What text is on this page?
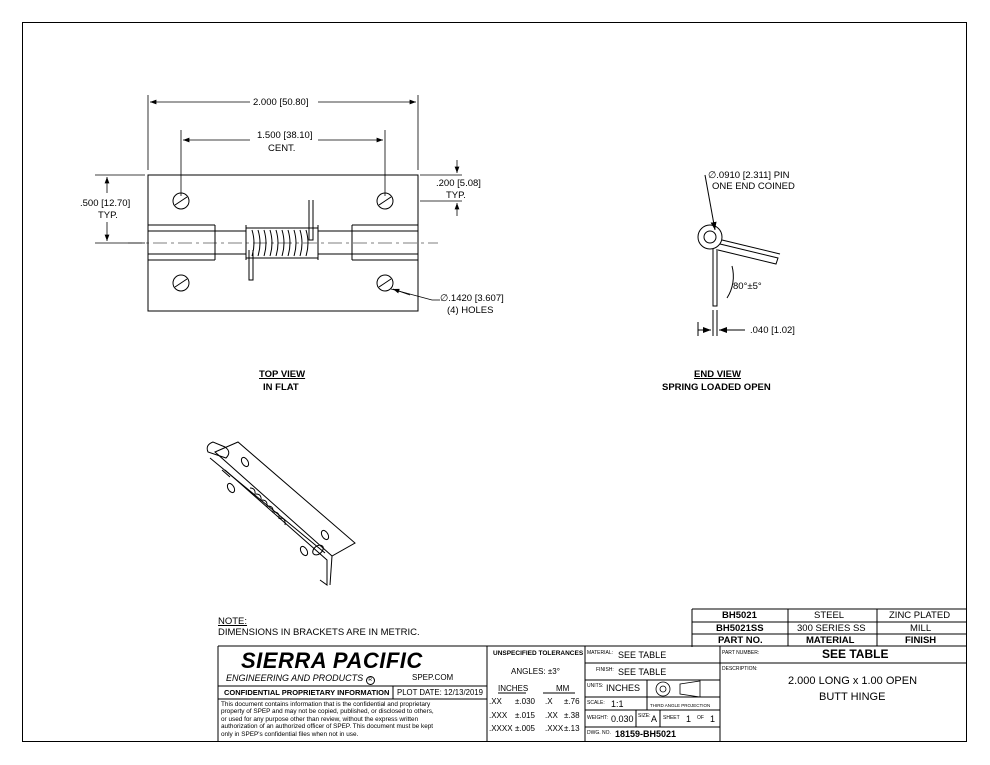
2.000 [50.80]
1.500 [38.10]
CENT.
.500 [12.70]
TYP.
.200 [5.08]
TYP.
∅.1420 [3.607]
(4) HOLES
TOP VIEW
IN FLAT
∅.0910 [2.311] PIN
ONE END COINED
80°±5°
.040 [1.02]
END VIEW
SPRING LOADED OPEN
NOTE:
DIMENSIONS IN BRACKETS ARE IN METRIC.
BH5021	STEEL	ZINC PLATED
BH5021SS	300 SERIES SS	MILL
PART NO.	MATERIAL	FINISH
SIERRA PACIFIC
ENGINEERING AND PRODUCTS R	SPEP.COM
CONFIDENTIAL PROPRIETARY INFORMATION PLOT DATE: 12/13/2019
This document contains information that is the confidential and proprietary
property of SPEP and may not be copied, published, or disclosed to others,
or used for any purpose other than review, without the express written
authorization of an authorized officer of SPEP. This document must be kept
only in SPEP's confidential files when not in use.
UNSPECIFIED TOLERANCES
ANGLES: ±3°
INCHES	MM
.XX ±.030 .X ±.76
.XXX ±.015 .XX ±.38
.XXXX ±.005 .XXX ±.13
MATERIAL: SEE TABLE
FINISH: SEE TABLE
UNITS: INCHES
THIRD ANGLE PROJECTION
SCALE: 1:1
WEIGHT: 0.030 SIZE: A SHEET 1 OF 1
DWG. NO. 18159-BH5021
PART NUMBER:	SEE TABLE
DESCRIPTION:
2.000 LONG x 1.00 OPEN
BUTT HINGE
